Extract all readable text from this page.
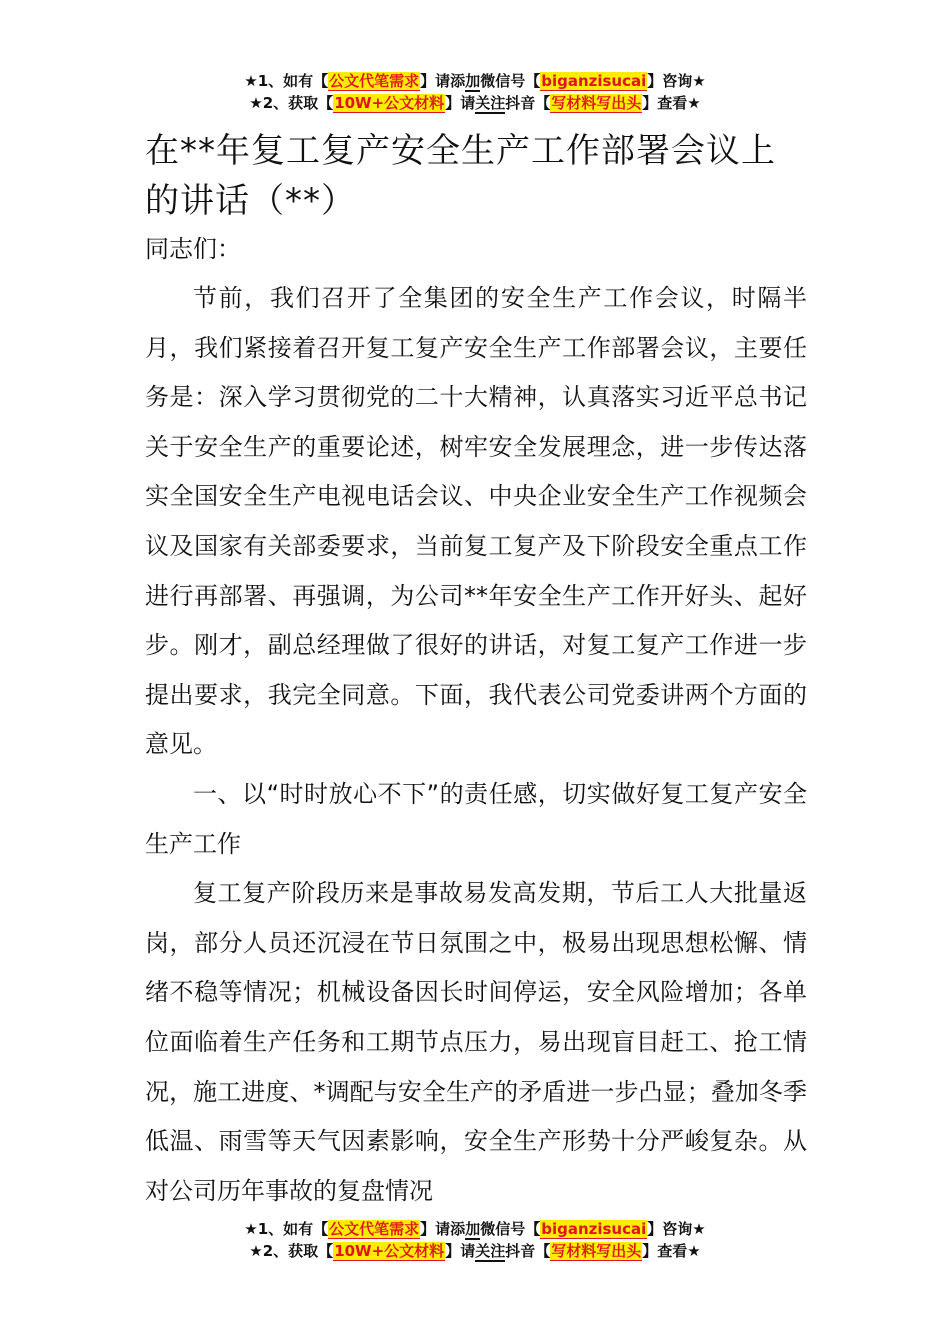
★1、如有【公文代笔需求】请添加微信号【biganzisucai】咨询★
★2、获取【10W+公文材料】请关注抖音【写材料写出头】查看★
在**年复工复产安全生产工作部署会议上的讲话（**）

同志们：

节前，我们召开了全集团的安全生产工作会议，时隔半月，我们紧接着召开复工复产安全生产工作部署会议，主要任务是：深入学习贯彻党的二十大精神，认真落实习近平总书记关于安全生产的重要论述，树牢安全发展理念，进一步传达落实全国安全生产电视电话会议、中央企业安全生产工作视频会议及国家有关部委要求，当前复工复产及下阶段安全重点工作进行再部署、再强调，为公司**年安全生产工作开好头、起好步。刚才，副总经理做了很好的讲话，对复工复产工作进一步提出要求，我完全同意。下面，我代表公司党委讲两个方面的意见。

一、以“时时放心不下”的责任感，切实做好复工复产安全生产工作

复工复产阶段历来是事故易发高发期，节后工人大批量返岗，部分人员还沉浸在节日氛围之中，极易出现思想松懈、情绪不稳等情况；机械设备因长时间停运，安全风险增加；各单位面临着生产任务和工期节点压力，易出现盲目赶工、抢工情况，施工进度、*调配与安全生产的矛盾进一步凸显；叠加冬季低温、雨雪等天气因素影响，安全生产形势十分严峻复杂。从对公司历年事故的复盘情况

★1、如有【公文代笔需求】请添加微信号【biganzisucai】咨询★
★2、获取【10W+公文材料】请关注抖音【写材料写出头】查看★
